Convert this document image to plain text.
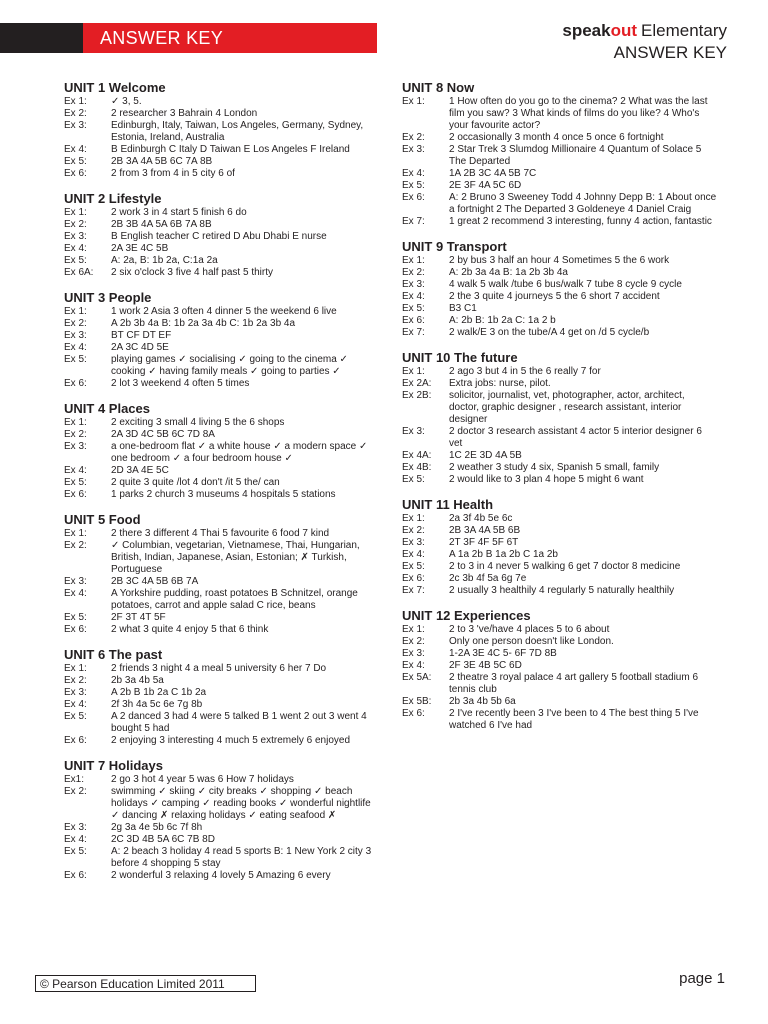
ANSWER KEY	speakout Elementary
ANSWER KEY
UNIT 1 Welcome
Ex 1:	✓ 3, 5.
Ex 2:	2 researcher 3 Bahrain 4 London
Ex 3:	Edinburgh, Italy, Taiwan, Los Angeles, Germany, Sydney, Estonia, Ireland, Australia
Ex 4:	B Edinburgh C Italy D Taiwan E Los Angeles F Ireland
Ex 5:	2B 3A 4A 5B 6C 7A 8B
Ex 6:	2 from 3 from 4 in 5 city 6 of
UNIT 2 Lifestyle
Ex 1:	2 work 3 in 4 start 5 finish 6 do
Ex 2:	2B 3B 4A 5A 6B 7A 8B
Ex 3:	B English teacher C retired D Abu Dhabi E nurse
Ex 4:	2A 3E 4C 5B
Ex 5:	A: 2a, B: 1b 2a, C:1a 2a
Ex 6A:	2 six o'clock 3 five 4 half past 5 thirty
UNIT 3 People
Ex 1:	1 work 2 Asia 3 often 4 dinner 5 the weekend 6 live
Ex 2:	A 2b 3b 4a B: 1b 2a 3a 4b C: 1b 2a 3b 4a
Ex 3:	BT CF DT EF
Ex 4:	2A 3C 4D 5E
Ex 5:	playing games ✓ socialising ✓ going to the cinema ✓ cooking ✓ having family meals ✓ going to parties ✓
Ex 6:	2 lot 3 weekend 4 often 5 times
UNIT 4 Places
Ex 1:	2 exciting 3 small 4 living 5 the 6 shops
Ex 2:	2A 3D 4C 5B 6C 7D 8A
Ex 3:	a one-bedroom flat ✓ a white house ✓ a modern space ✓ one bedroom ✓ a four bedroom house ✓
Ex 4:	2D 3A 4E 5C
Ex 5:	2 quite 3 quite /lot 4 don't /it 5 the/ can
Ex 6:	1 parks 2 church 3 museums 4 hospitals 5 stations
UNIT 5 Food
Ex 1:	2 there 3 different 4 Thai 5 favourite 6 food 7 kind
Ex 2:	✓ Columbian, vegetarian, Vietnamese, Thai, Hungarian, British, Indian, Japanese, Asian, Estonian; ✗ Turkish, Portuguese
Ex 3:	2B 3C 4A 5B 6B 7A
Ex 4:	A Yorkshire pudding, roast potatoes B Schnitzel, orange potatoes, carrot and apple salad C rice, beans
Ex 5:	2F 3T 4T 5F
Ex 6:	2 what 3 quite 4 enjoy 5 that 6 think
UNIT 6 The past
Ex 1:	2 friends 3 night 4 a meal 5 university 6 her 7 Do
Ex 2:	2b 3a 4b 5a
Ex 3:	A 2b B 1b 2a C 1b 2a
Ex 4:	2f 3h 4a 5c 6e 7g 8b
Ex 5:	A 2 danced 3 had 4 were 5 talked B 1 went 2 out 3 went 4 bought 5 had
Ex 6:	2 enjoying 3 interesting 4 much 5 extremely 6 enjoyed
UNIT 7 Holidays
Ex1:	2 go 3 hot 4 year 5 was 6 How 7 holidays
Ex 2:	swimming ✓ skiing ✓ city breaks ✓ shopping ✓ beach holidays ✓ camping ✓ reading books ✓ wonderful nightlife ✓ dancing ✗ relaxing holidays ✓ eating seafood ✗
Ex 3:	2g 3a 4e 5b 6c 7f 8h
Ex 4:	2C 3D 4B 5A 6C 7B 8D
Ex 5:	A: 2 beach 3 holiday 4 read 5 sports B: 1 New York 2 city 3 before 4 shopping 5 stay
Ex 6:	2 wonderful 3 relaxing 4 lovely 5 Amazing 6 every
UNIT 8 Now
Ex 1:	1 How often do you go to the cinema? 2 What was the last film you saw? 3 What kinds of films do you like? 4 Who's your favourite actor?
Ex 2:	2 occasionally 3 month 4 once 5 once 6 fortnight
Ex 3:	2 Star Trek 3 Slumdog Millionaire 4 Quantum of Solace 5 The Departed
Ex 4:	1A 2B 3C 4A 5B 7C
Ex 5:	2E 3F 4A 5C 6D
Ex 6:	A: 2 Bruno 3 Sweeney Todd 4 Johnny Depp B: 1 About once a fortnight 2 The Departed 3 Goldeneye 4 Daniel Craig
Ex 7:	1 great 2 recommend 3 interesting, funny 4 action, fantastic
UNIT 9 Transport
Ex 1:	2 by bus 3 half an hour 4 Sometimes 5 the 6 work
Ex 2:	A: 2b 3a 4a B: 1a 2b 3b 4a
Ex 3:	4 walk 5 walk /tube 6 bus/walk 7 tube 8 cycle 9 cycle
Ex 4:	2 the 3 quite 4 journeys 5 the 6 short 7 accident
Ex 5:	B3 C1
Ex 6:	A: 2b B: 1b 2a C: 1a 2 b
Ex 7:	2 walk/E 3 on the tube/A 4 get on /d 5 cycle/b
UNIT 10 The future
Ex 1:	2 ago 3 but 4 in 5 the 6 really 7 for
Ex 2A:	Extra jobs: nurse, pilot.
Ex 2B:	solicitor, journalist, vet, photographer, actor, architect, doctor, graphic designer , research assistant, interior designer
Ex 3:	2 doctor 3 research assistant 4 actor 5 interior designer 6 vet
Ex 4A:	1C 2E 3D 4A 5B
Ex 4B:	2 weather 3 study 4 six, Spanish 5 small, family
Ex 5:	2 would like to 3 plan 4 hope 5 might 6 want
UNIT 11 Health
Ex 1:	2a 3f 4b 5e 6c
Ex 2:	2B 3A 4A 5B 6B
Ex 3:	2T 3F 4F 5F 6T
Ex 4:	A 1a 2b B 1a 2b C 1a 2b
Ex 5:	2 to 3 in 4 never 5 walking 6 get 7 doctor 8 medicine
Ex 6:	2c 3b 4f 5a 6g 7e
Ex 7:	2 usually 3 healthily 4 regularly 5 naturally healthily
UNIT 12 Experiences
Ex 1:	2 to 3 've/have 4 places 5 to 6 about
Ex 2:	Only one person doesn't like London.
Ex 3:	1-2A 3E 4C 5- 6F 7D 8B
Ex 4:	2F 3E 4B 5C 6D
Ex 5A:	2 theatre 3 royal palace 4 art gallery 5 football stadium 6 tennis club
Ex 5B:	2b 3a 4b 5b 6a
Ex 6:	2 I've recently been 3 I've been to 4 The best thing 5 I've watched 6 I've had
© Pearson Education Limited 2011	page 1
